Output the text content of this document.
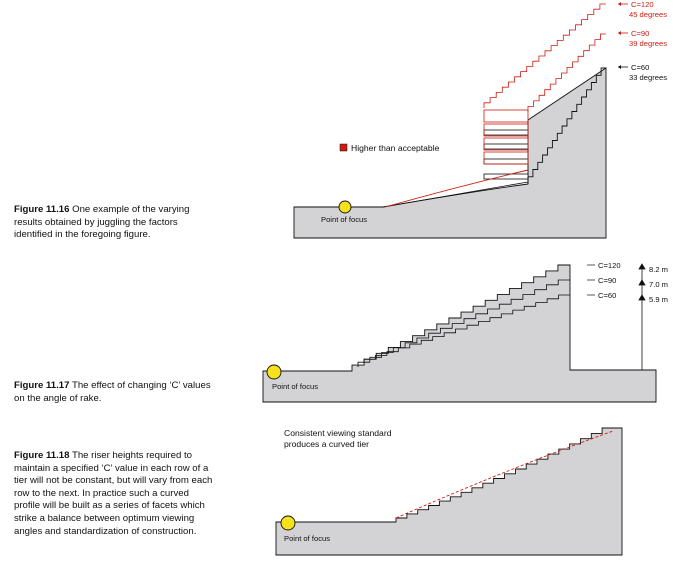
Figure 11.16 One example of the varying results obtained by juggling the factors identified in the foregoing figure.
Figure 11.17 The effect of changing ‘C’ values on the angle of rake.
Figure 11.18 The riser heights required to maintain a specified ‘C’ value in each row of a tier will not be constant, but will vary from each row to the next. In practice such a curved profile will be built as a series of facets which strike a balance between optimum viewing angles and standardization of construction.
Point of focus
Higher than acceptable
C=120
45 degrees
C=90
39 degrees
C=60
33 degrees
Point of focus
C=120
C=90
C=60
8.2 m
7.0 m
5.9 m
Point of focus
Consistent viewing standard
produces a curved tier
